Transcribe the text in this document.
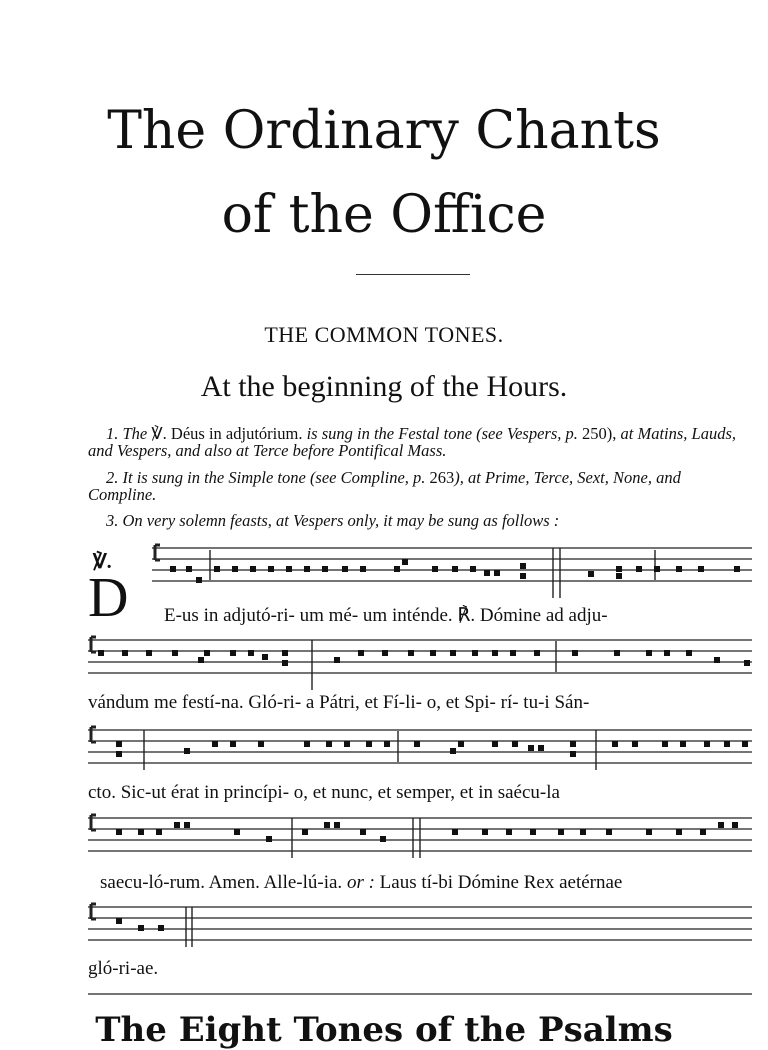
The Ordinary Chants
of the Office
THE COMMON TONES.
At the beginning of the Hours.

1. The ℣. Déus in adjutórium. is sung in the Festal tone (see Vespers, p. 250), at Matins, Lauds, and Vespers, and also at Terce before Pontifical Mass.

2. It is sung in the Simple tone (see Compline, p. 263), at Prime, Terce, Sext, None, and Compline.

3. On very solemn feasts, at Vespers only, it may be sung as follows :

℣.
D E-us in adjutó-ri- um mé- um inténde. ℟. Dómine ad adju-

vándum me festí-na. Gló-ri- a Pátri, et Fí-li- o, et Spi- rí- tu-i Sán-

cto. Sic-ut érat in princípi- o, et nunc, et semper, et in saécu-la

saecu-ló-rum. Amen. Alle-lú-ia. or : Laus tí-bi Dómine Rex aetérnae

gló-ri-ae.

The Eight Tones of the Psalms
